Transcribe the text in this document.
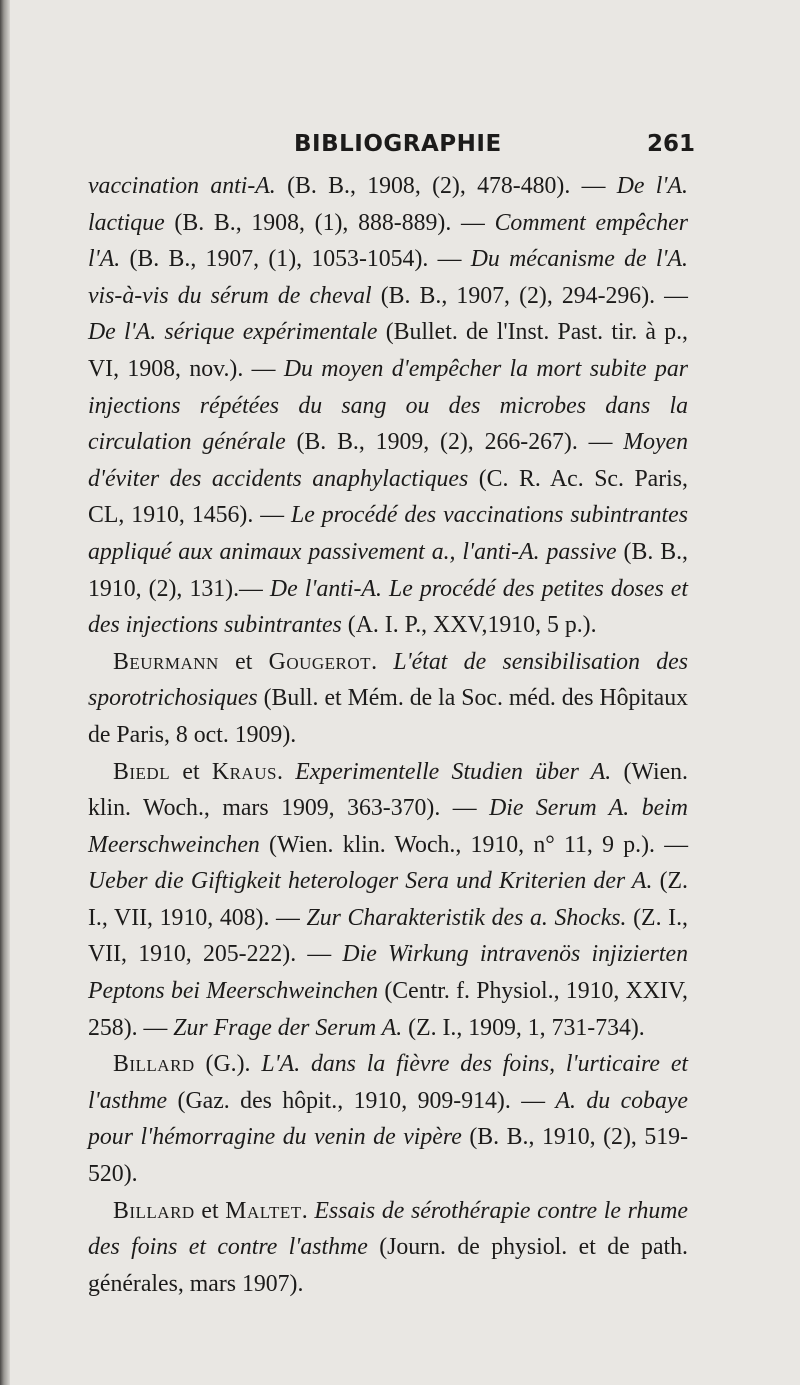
BIBLIOGRAPHIE	261

vaccination anti-A. (B. B., 1908, (2), 478-480). — De l'A. lactique (B. B., 1908, (1), 888-889). — Comment empêcher l'A. (B. B., 1907, (1), 1053-1054). — Du mécanisme de l'A. vis-à-vis du sérum de cheval (B. B., 1907, (2), 294-296). — De l'A. sérique expérimentale (Bullet. de l'Inst. Past. tir. à p., VI, 1908, nov.). — Du moyen d'empêcher la mort subite par injections répétées du sang ou des microbes dans la circulation générale (B. B., 1909, (2), 266-267). — Moyen d'éviter des accidents anaphylactiques (C. R. Ac. Sc. Paris, CL, 1910, 1456). — Le procédé des vaccinations subintrantes appliqué aux animaux passivement a., l'anti-A. passive (B. B., 1910, (2), 131).— De l'anti-A. Le procédé des petites doses et des injections subintrantes (A. I. P., XXV,1910, 5 p.).

Beurmann et Gougerot. L'état de sensibilisation des sporotrichosiques (Bull. et Mém. de la Soc. méd. des Hôpitaux de Paris, 8 oct. 1909).

Biedl et Kraus. Experimentelle Studien über A. (Wien. klin. Woch., mars 1909, 363-370). — Die Serum A. beim Meerschweinchen (Wien. klin. Woch., 1910, n° 11, 9 p.). — Ueber die Giftigkeit heterologer Sera und Kriterien der A. (Z. I., VII, 1910, 408). — Zur Charakteristik des a. Shocks. (Z. I., VII, 1910, 205-222). — Die Wirkung intravenös injizierten Peptons bei Meerschweinchen (Centr. f. Physiol., 1910, XXIV, 258). — Zur Frage der Serum A. (Z. I., 1909, 1, 731-734).

Billard (G.). L'A. dans la fièvre des foins, l'urticaire et l'asthme (Gaz. des hôpit., 1910, 909-914). — A. du cobaye pour l'hémorragine du venin de vipère (B. B., 1910, (2), 519-520).

Billard et Maltet. Essais de sérothérapie contre le rhume des foins et contre l'asthme (Journ. de physiol. et de path. générales, mars 1907).
